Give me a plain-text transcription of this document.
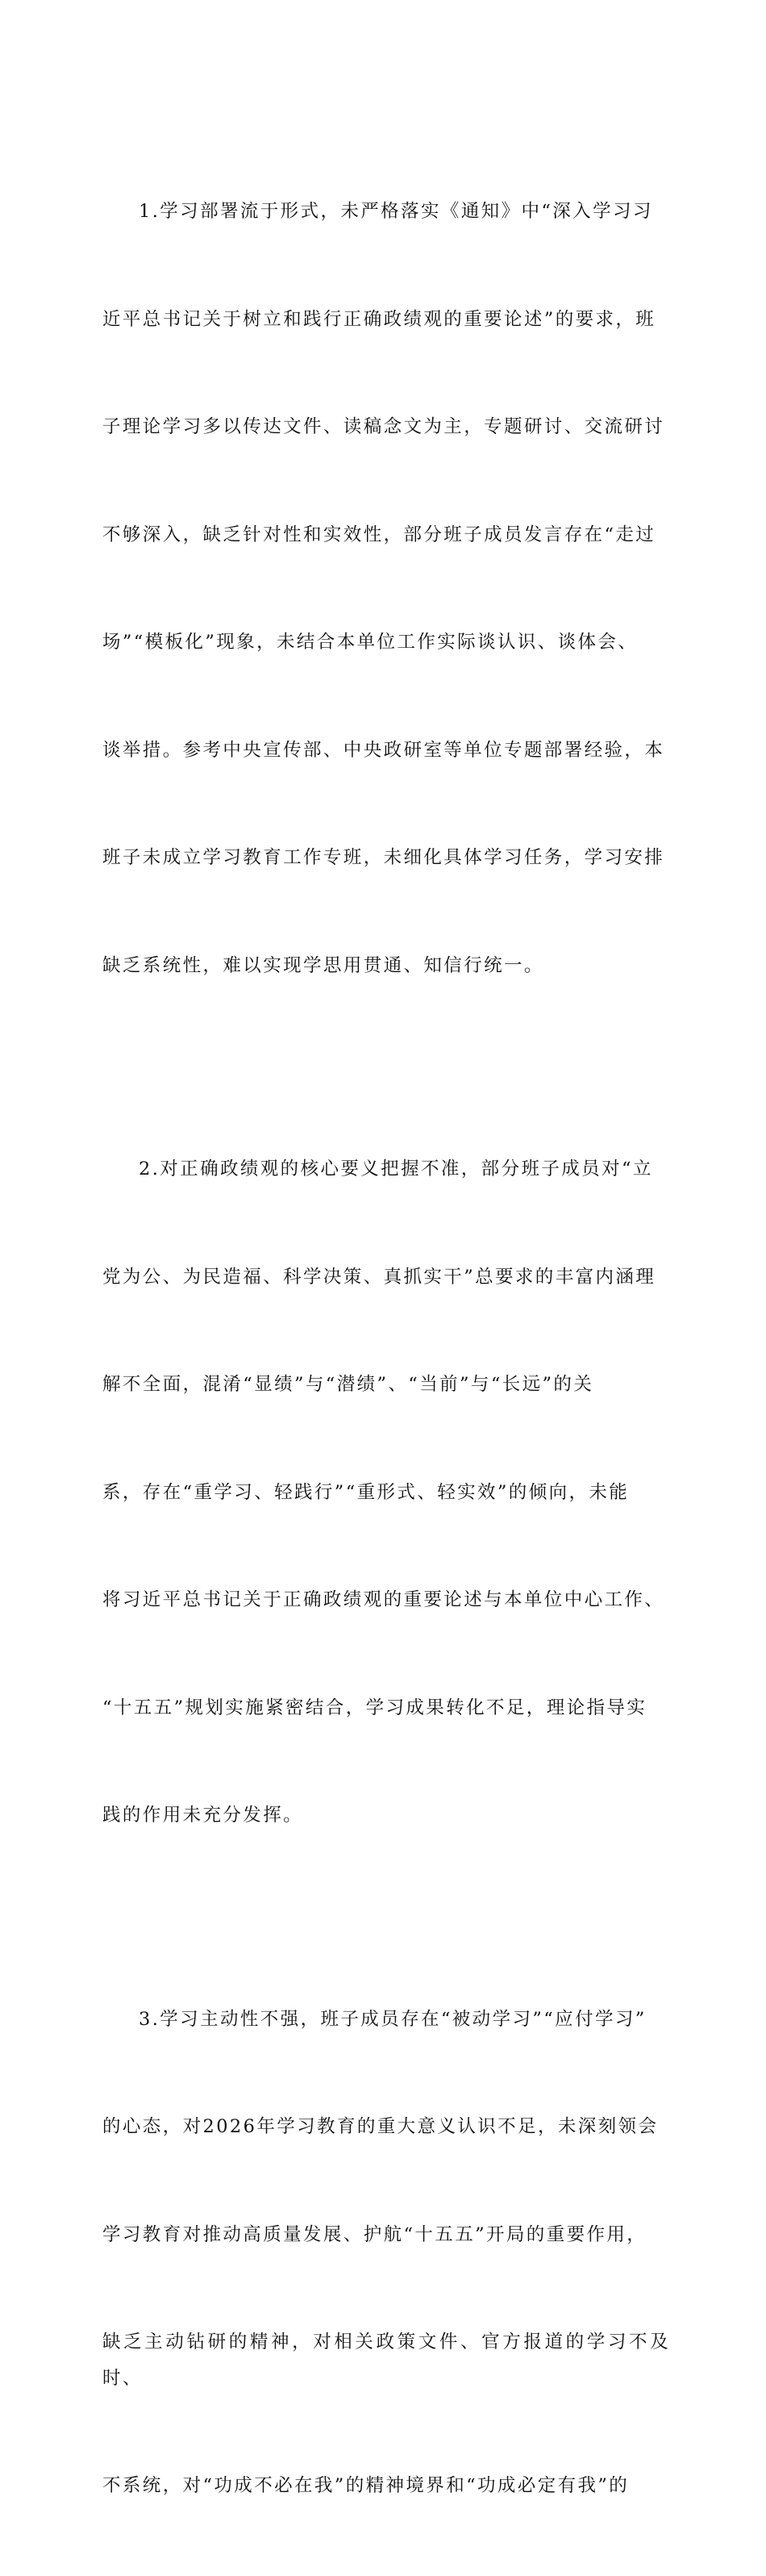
1.学习部署流于形式，未严格落实《通知》中“深入学习习

近平总书记关于树立和践行正确政绩观的重要论述”的要求，班

子理论学习多以传达文件、读稿念文为主，专题研讨、交流研讨

不够深入，缺乏针对性和实效性，部分班子成员发言存在“走过

场”“模板化”现象，未结合本单位工作实际谈认识、谈体会、

谈举措。参考中央宣传部、中央政研室等单位专题部署经验，本

班子未成立学习教育工作专班，未细化具体学习任务，学习安排

缺乏系统性，难以实现学思用贯通、知信行统一。

2.对正确政绩观的核心要义把握不准，部分班子成员对“立

党为公、为民造福、科学决策、真抓实干”总要求的丰富内涵理

解不全面，混淆“显绩”与“潜绩”、“当前”与“长远”的关

系，存在“重学习、轻践行”“重形式、轻实效”的倾向，未能

将习近平总书记关于正确政绩观的重要论述与本单位中心工作、

“十五五”规划实施紧密结合，学习成果转化不足，理论指导实

践的作用未充分发挥。

3.学习主动性不强，班子成员存在“被动学习”“应付学习”

的心态，对2026年学习教育的重大意义认识不足，未深刻领会

学习教育对推动高质量发展、护航“十五五”开局的重要作用，

缺乏主动钻研的精神，对相关政策文件、官方报道的学习不及时、

不系统，对“功成不必在我”的精神境界和“功成必定有我”的
